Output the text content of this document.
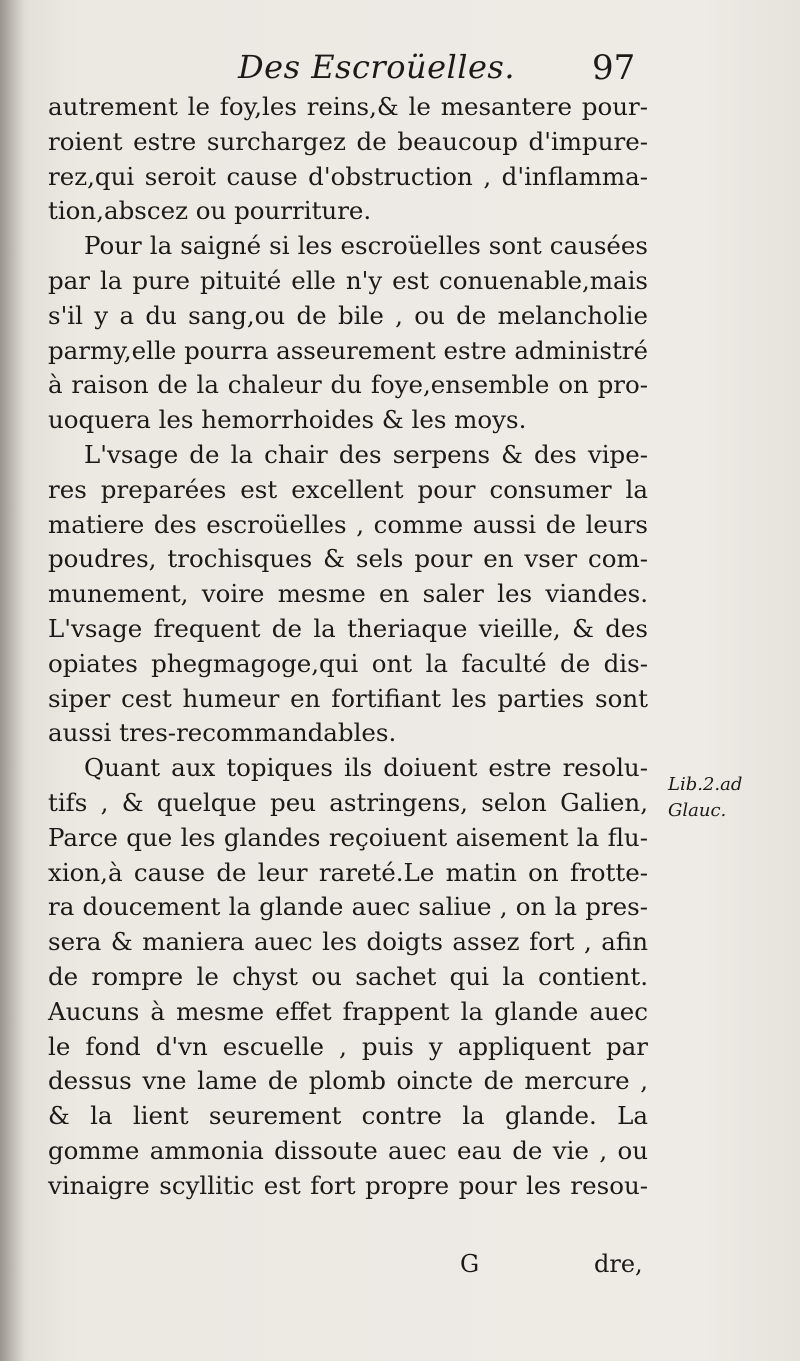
Des Escroüelles. 97
autrement le foy,les reins,& le mesantere pour-
roient estre surchargez de beaucoup d'impure-
rez,qui seroit cause d'obstruction , d'inflamma-
tion,abscez ou pourriture.
Pour la saigné si les escroüelles sont causées
par la pure pituité elle n'y est conuenable,mais
s'il y a du sang,ou de bile , ou de melancholie
parmy,elle pourra asseurement estre administré
à raison de la chaleur du foye,ensemble on pro-
uoquera les hemorrhoides & les moys.
L'vsage de la chair des serpens & des vipe-
res preparées est excellent pour consumer la
matiere des escroüelles , comme aussi de leurs
poudres, trochisques & sels pour en vser com-
munement, voire mesme en saler les viandes.
L'vsage frequent de la theriaque vieille, & des
opiates phegmagoge,qui ont la faculté de dis-
siper cest humeur en fortifiant les parties sont
aussi tres-recommandables.
Quant aux topiques ils doiuent estre resolu-
tifs , & quelque peu astringens, selon Galien,
Parce que les glandes reçoiuent aisement la flu-
xion,à cause de leur rareté.Le matin on frotte-
ra doucement la glande auec saliue , on la pres-
sera & maniera auec les doigts assez fort , afin
de rompre le chyst ou sachet qui la contient.
Aucuns à mesme effet frappent la glande auec
le fond d'vn escuelle , puis y appliquent par
dessus vne lame de plomb oincte de mercure ,
& la lient seurement contre la glande. La
gomme ammonia dissoute auec eau de vie , ou
vinaigre scyllitic est fort propre pour les resou-
Lib.2.ad
Glauc.
G	dre,
